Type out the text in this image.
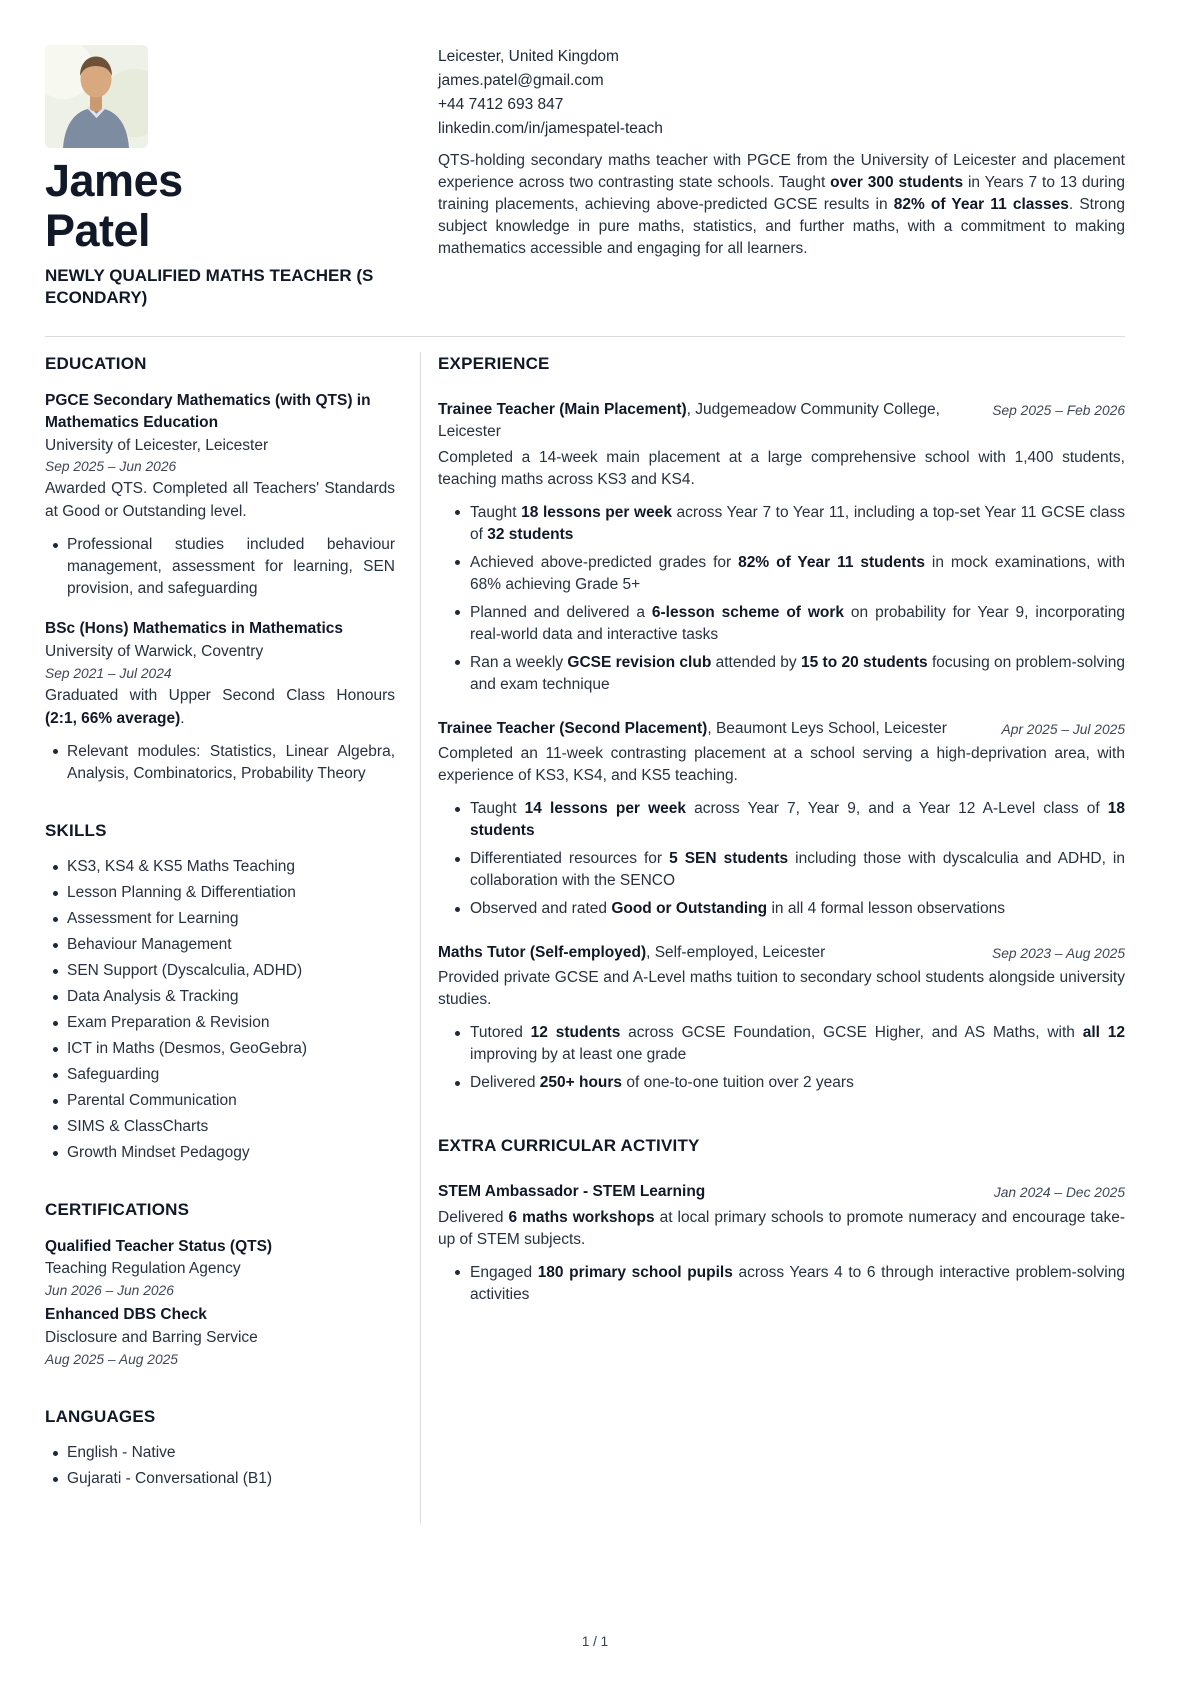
James Patel
NEWLY QUALIFIED MATHS TEACHER (SECONDARY)
Leicester, United Kingdom
james.patel@gmail.com
+44 7412 693 847
linkedin.com/in/jamespatel-teach

QTS-holding secondary maths teacher with PGCE from the University of Leicester and placement experience across two contrasting state schools. Taught over 300 students in Years 7 to 13 during training placements, achieving above-predicted GCSE results in 82% of Year 11 classes. Strong subject knowledge in pure maths, statistics, and further maths, with a commitment to making mathematics accessible and engaging for all learners.

EDUCATION
PGCE Secondary Mathematics (with QTS) in Mathematics Education
University of Leicester, Leicester
Sep 2025 – Jun 2026
Awarded QTS. Completed all Teachers' Standards at Good or Outstanding level.
Professional studies included behaviour management, assessment for learning, SEN provision, and safeguarding
BSc (Hons) Mathematics in Mathematics
University of Warwick, Coventry
Sep 2021 – Jul 2024
Graduated with Upper Second Class Honours (2:1, 66% average).
Relevant modules: Statistics, Linear Algebra, Analysis, Combinatorics, Probability Theory
SKILLS
KS3, KS4 & KS5 Maths Teaching
Lesson Planning & Differentiation
Assessment for Learning
Behaviour Management
SEN Support (Dyscalculia, ADHD)
Data Analysis & Tracking
Exam Preparation & Revision
ICT in Maths (Desmos, GeoGebra)
Safeguarding
Parental Communication
SIMS & ClassCharts
Growth Mindset Pedagogy
CERTIFICATIONS
Qualified Teacher Status (QTS)
Teaching Regulation Agency
Jun 2026 – Jun 2026
Enhanced DBS Check
Disclosure and Barring Service
Aug 2025 – Aug 2025
LANGUAGES
English - Native
Gujarati - Conversational (B1)
EXPERIENCE
Trainee Teacher (Main Placement), Judgemeadow Community College, Leicester
Sep 2025 – Feb 2026

Completed a 14-week main placement at a large comprehensive school with 1,400 students, teaching maths across KS3 and KS4.

Taught 18 lessons per week across Year 7 to Year 11, including a top-set Year 11 GCSE class of 32 students
Achieved above-predicted grades for 82% of Year 11 students in mock examinations, with 68% achieving Grade 5+
Planned and delivered a 6-lesson scheme of work on probability for Year 9, incorporating real-world data and interactive tasks
Ran a weekly GCSE revision club attended by 15 to 20 students focusing on problem-solving and exam technique
Trainee Teacher (Second Placement), Beaumont Leys School, Leicester	Apr 2025 – Jul 2025

Completed an 11-week contrasting placement at a school serving a high-deprivation area, with experience of KS3, KS4, and KS5 teaching.

Taught 14 lessons per week across Year 7, Year 9, and a Year 12 A-Level class of 18 students
Differentiated resources for 5 SEN students including those with dyscalculia and ADHD, in collaboration with the SENCO
Observed and rated Good or Outstanding in all 4 formal lesson observations
Maths Tutor (Self-employed), Self-employed, Leicester	Sep 2023 – Aug 2025

Provided private GCSE and A-Level maths tuition to secondary school students alongside university studies.

Tutored 12 students across GCSE Foundation, GCSE Higher, and AS Maths, with all 12 improving by at least one grade
Delivered 250+ hours of one-to-one tuition over 2 years
EXTRA CURRICULAR ACTIVITY
STEM Ambassador - STEM Learning	Jan 2024 – Dec 2025

Delivered 6 maths workshops at local primary schools to promote numeracy and encourage take-up of STEM subjects.

Engaged 180 primary school pupils across Years 4 to 6 through interactive problem-solving activities
1 / 1
